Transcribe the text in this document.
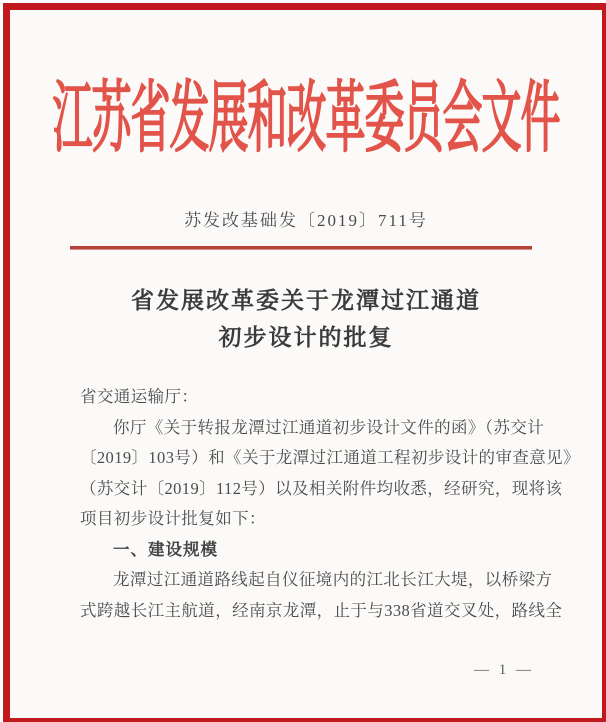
江苏省发展和改革委员会文件
苏发改基础发〔2019〕711号
省发展改革委关于龙潭过江通道
初步设计的批复
省交通运输厅：
你厅《关于转报龙潭过江通道初步设计文件的函》（苏交计
〔2019〕103号）和《关于龙潭过江通道工程初步设计的审查意见》
（苏交计〔2019〕112号）以及相关附件均收悉，经研究，现将该
项目初步设计批复如下：
一、建设规模
龙潭过江通道路线起自仪征境内的江北长江大堤，以桥梁方
式跨越长江主航道，经南京龙潭，止于与338省道交叉处，路线全
— 1 —
